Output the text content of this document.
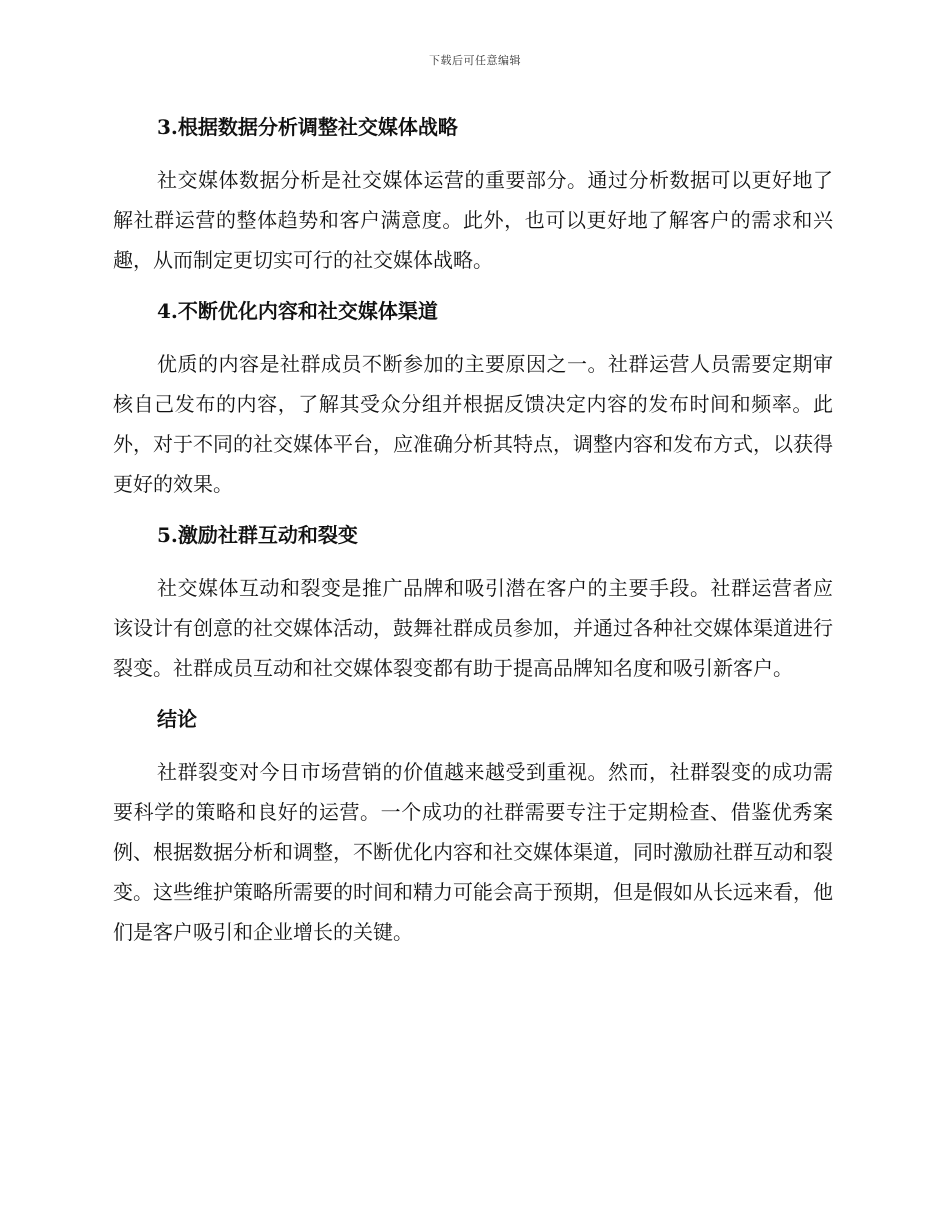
下载后可任意编辑
3.根据数据分析调整社交媒体战略

社交媒体数据分析是社交媒体运营的重要部分。通过分析数据可以更好地了解社群运营的整体趋势和客户满意度。此外，也可以更好地了解客户的需求和兴趣，从而制定更切实可行的社交媒体战略。

4.不断优化内容和社交媒体渠道

优质的内容是社群成员不断参加的主要原因之一。社群运营人员需要定期审核自己发布的内容，了解其受众分组并根据反馈决定内容的发布时间和频率。此外，对于不同的社交媒体平台，应准确分析其特点，调整内容和发布方式，以获得更好的效果。

5.激励社群互动和裂变

社交媒体互动和裂变是推广品牌和吸引潜在客户的主要手段。社群运营者应该设计有创意的社交媒体活动，鼓舞社群成员参加，并通过各种社交媒体渠道进行裂变。社群成员互动和社交媒体裂变都有助于提高品牌知名度和吸引新客户。

结论

社群裂变对今日市场营销的价值越来越受到重视。然而，社群裂变的成功需要科学的策略和良好的运营。一个成功的社群需要专注于定期检查、借鉴优秀案例、根据数据分析和调整，不断优化内容和社交媒体渠道，同时激励社群互动和裂变。这些维护策略所需要的时间和精力可能会高于预期，但是假如从长远来看，他们是客户吸引和企业增长的关键。
